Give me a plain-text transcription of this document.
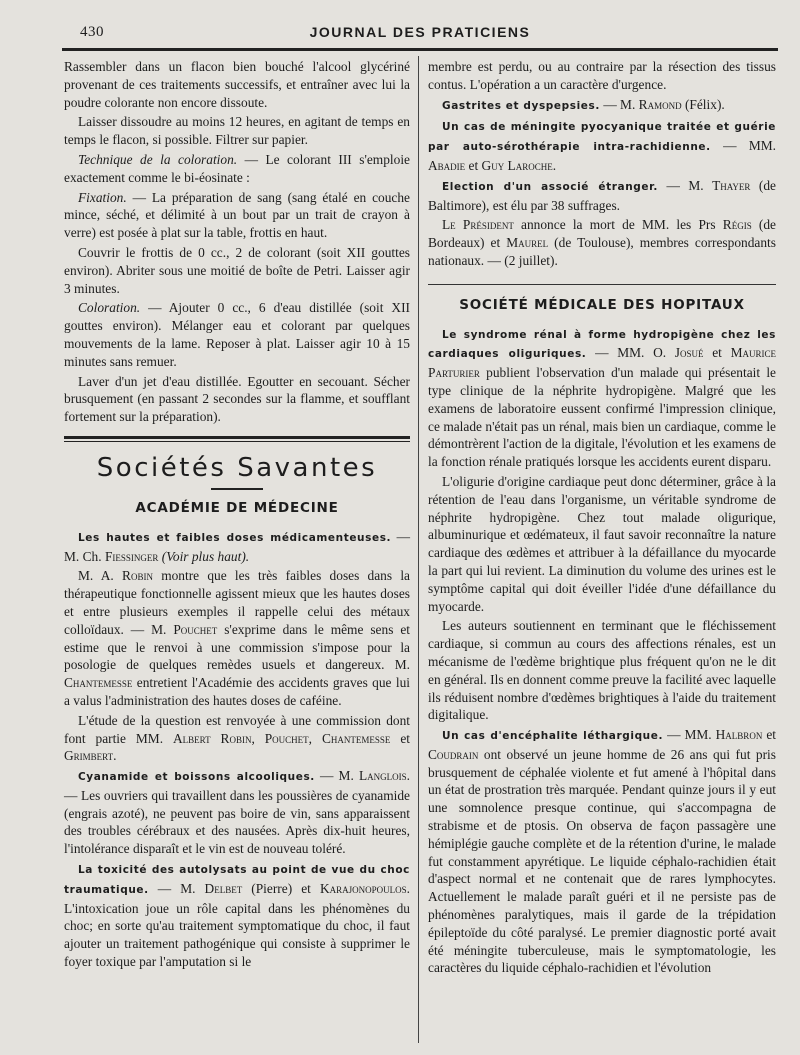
430	JOURNAL DES PRATICIENS

Rassembler dans un flacon bien bouché l'alcool glycériné provenant de ces traitements successifs, et entraîner avec lui la poudre colorante non encore dissoute.

Laisser dissoudre au moins 12 heures, en agitant de temps en temps le flacon, si possible. Filtrer sur papier.

Technique de la coloration. — Le colorant III s'emploie exactement comme le bi-éosinate :

Fixation. — La préparation de sang (sang étalé en couche mince, séché, et délimité à un bout par un trait de crayon à verre) est posée à plat sur la table, frottis en haut.

Couvrir le frottis de 0 cc., 2 de colorant (soit XII gouttes environ). Abriter sous une moitié de boîte de Petri. Laisser agir 3 minutes.

Coloration. — Ajouter 0 cc., 6 d'eau distillée (soit XII gouttes environ). Mélanger eau et colorant par quelques mouvements de la lame. Reposer à plat. Laisser agir 10 à 15 minutes sans remuer.

Laver d'un jet d'eau distillée. Egoutter en secouant. Sécher brusquement (en passant 2 secondes sur la flamme, et soufflant fortement sur la préparation).

Sociétés Savantes
ACADÉMIE DE MÉDECINE

Les hautes et faibles doses médicamenteuses. — M. Ch. Fiessinger (Voir plus haut).

M. A. Robin montre que les très faibles doses dans la thérapeutique fonctionnelle agissent mieux que les hautes doses et entre plusieurs exemples il rappelle celui des métaux colloïdaux. — M. Pouchet s'exprime dans le même sens et estime que le renvoi à une commission s'impose pour la posologie de quelques remèdes usuels et dangereux. M. Chantemesse entretient l'Académie des accidents graves que lui a valus l'administration des hautes doses de caféine.

L'étude de la question est renvoyée à une commission dont font partie MM. Albert Robin, Pouchet, Chantemesse et Grimbert.

Cyanamide et boissons alcooliques. — M. Langlois. — Les ouvriers qui travaillent dans les poussières de cyanamide (engrais azoté), ne peuvent pas boire de vin, sans apparaissent des troubles cérébraux et des nausées. Après dix-huit heures, l'intolérance disparaît et le vin est de nouveau toléré.

La toxicité des autolysats au point de vue du choc traumatique. — M. Delbet (Pierre) et Karajonopoulos. L'intoxication joue un rôle capital dans les phénomènes du choc; en sorte qu'au traitement symptomatique du choc, il faut ajouter un traitement pathogénique qui consiste à supprimer le foyer toxique par l'amputation si le

membre est perdu, ou au contraire par la résection des tissus contus. L'opération a un caractère d'urgence.

Gastrites et dyspepsies. — M. Ramond (Félix).

Un cas de méningite pyocyanique traitée et guérie par auto-sérothérapie intra-rachidienne. — MM. Abadie et Guy Laroche.

Election d'un associé étranger. — M. Thayer (de Baltimore), est élu par 38 suffrages.

Le Président annonce la mort de MM. les Prs Régis (de Bordeaux) et Maurel (de Toulouse), membres correspondants nationaux. — (2 juillet).

SOCIÉTÉ MÉDICALE DES HOPITAUX

Le syndrome rénal à forme hydropigène chez les cardiaques oliguriques. — MM. O. Josué et Maurice Parturier publient l'observation d'un malade qui présentait le type clinique de la néphrite hydropigène. Malgré que les examens de laboratoire eussent confirmé l'impression clinique, ce malade n'était pas un rénal, mais bien un cardiaque, comme le démontrèrent l'action de la digitale, l'évolution et les examens de la fonction rénale pratiqués lorsque les accidents eurent disparu.

L'oligurie d'origine cardiaque peut donc déterminer, grâce à la rétention de l'eau dans l'organisme, un véritable syndrome de néphrite hydropigène. Chez tout malade oligurique, albuminurique et œdémateux, il faut savoir reconnaître la nature cardiaque des œdèmes et attribuer à la défaillance du myocarde la part qui lui revient. La diminution du volume des urines est le symptôme capital qui doit éveiller l'idée d'une défaillance du myocarde.

Les auteurs soutiennent en terminant que le fléchissement cardiaque, si commun au cours des affections rénales, est un mécanisme de l'œdème brightique plus fréquent qu'on ne le dit en général. Ils en donnent comme preuve la facilité avec laquelle ils réduisent nombre d'œdèmes brightiques à l'aide du traitement digitalique.

Un cas d'encéphalite léthargique. — MM. Halbron et Coudrain ont observé un jeune homme de 26 ans qui fut pris brusquement de céphalée violente et fut amené à l'hôpital dans un état de prostration très marquée. Pendant quinze jours il y eut une somnolence presque continue, qui s'accompagna de strabisme et de ptosis. On observa de façon passagère une hémiplégie gauche complète et de la rétention d'urine, le malade fut constamment apyrétique. Le liquide céphalo-rachidien était d'aspect normal et ne contenait que de rares lymphocytes. Actuellement le malade paraît guéri et il ne persiste pas de phénomènes paralytiques, mais il garde de la trépidation épileptoïde du côté paralysé. Le premier diagnostic porté avait été méningite tuberculeuse, mais le symptomatologie, les caractères du liquide céphalo-rachidien et l'évolution
